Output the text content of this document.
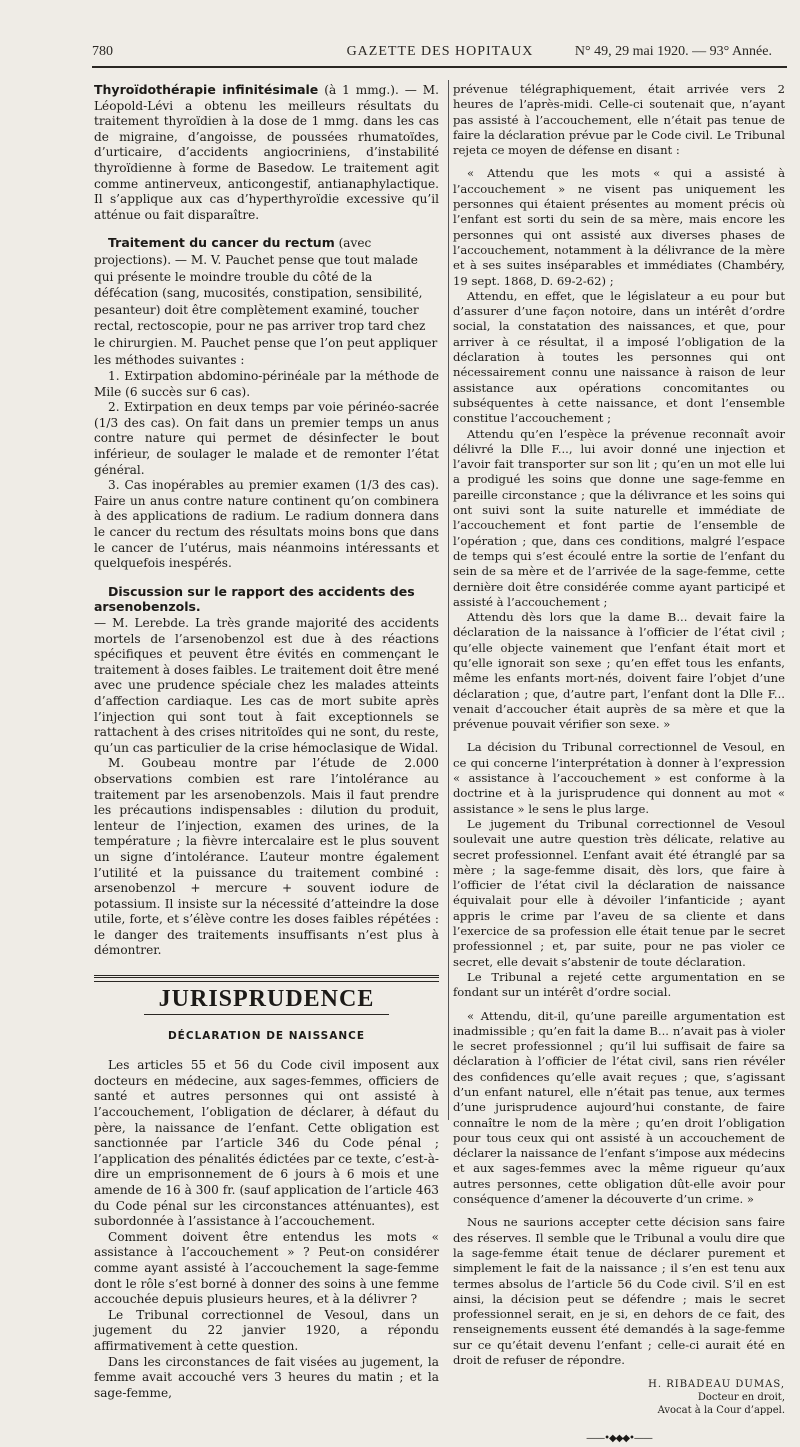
780	GAZETTE DES HOPITAUX	N° 49, 29 mai 1920. — 93° Année.
Thyroïdothérapie infinitésimale (à 1 mmg.). — M. Léopold-Lévi a obtenu les meilleurs résultats du traitement thyroïdien à la dose de 1 mmg. dans les cas de migraine, d’angoisse, de poussées rhumatoïdes, d’urticaire, d’accidents angiocriniens, d’instabilité thyroïdienne à forme de Basedow. Le traitement agit comme antinerveux, anticongestif, antianaphylactique. Il s’applique aux cas d’hyperthyroïdie excessive qu’il atténue ou fait disparaître.
Traitement du cancer du rectum (avec projections). — M. V. Pauchet pense que tout malade qui présente le moindre trouble du côté de la défécation (sang, mucosités, constipation, sensibilité, pesanteur) doit être complètement examiné, toucher rectal, rectoscopie, pour ne pas arriver trop tard chez le chirurgien. M. Pauchet pense que l’on peut appliquer les méthodes suivantes :

1. Extirpation abdomino-périnéale par la méthode de Mile (6 succès sur 6 cas).

2. Extirpation en deux temps par voie périnéo-sacrée (1/3 des cas). On fait dans un premier temps un anus contre nature qui permet de désinfecter le bout inférieur, de soulager le malade et de remonter l’état général.

3. Cas inopérables au premier examen (1/3 des cas). Faire un anus contre nature continent qu’on combinera à des applications de radium. Le radium donnera dans le cancer du rectum des résultats moins bons que dans le cancer de l’utérus, mais néanmoins intéressants et quelquefois inespérés.

Discussion sur le rapport des accidents des arsenobenzols.

— M. Lerebde. La très grande majorité des accidents mortels de l’arsenobenzol est due à des réactions spécifiques et peuvent être évités en commençant le traitement à doses faibles. Le traitement doit être mené avec une prudence spéciale chez les malades atteints d’affection cardiaque. Les cas de mort subite après l’injection qui sont tout à fait exceptionnels se rattachent à des crises nitritoïdes qui ne sont, du reste, qu’un cas particulier de la crise hémoclasique de Widal.

M. Goubeau montre par l’étude de 2.000 observations combien est rare l’intolérance au traitement par les arsenobenzols. Mais il faut prendre les précautions indispensables : dilution du produit, lenteur de l’injection, examen des urines, de la température ; la fièvre intercalaire est le plus souvent un signe d’intolérance. L’auteur montre également l’utilité et la puissance du traitement combiné : arsenobenzol + mercure + souvent iodure de potassium. Il insiste sur la nécessité d’atteindre la dose utile, forte, et s’élève contre les doses faibles répétées : le danger des traitements insuffisants n’est plus à démontrer.

JURISPRUDENCE
DÉCLARATION DE NAISSANCE

Les articles 55 et 56 du Code civil imposent aux docteurs en médecine, aux sages-femmes, officiers de santé et autres personnes qui ont assisté à l’accouchement, l’obligation de déclarer, à défaut du père, la naissance de l’enfant. Cette obligation est sanctionnée par l’article 346 du Code pénal ; l’application des pénalités édictées par ce texte, c’est-à-dire un emprisonnement de 6 jours à 6 mois et une amende de 16 à 300 fr. (sauf application de l’article 463 du Code pénal sur les circonstances atténuantes), est subordonnée à l’assistance à l’accouchement.

Comment doivent être entendus les mots « assistance à l’accouchement » ? Peut-on considérer comme ayant assisté à l’accouchement la sage-femme dont le rôle s’est borné à donner des soins à une femme accouchée depuis plusieurs heures, et à la délivrer ?

Le Tribunal correctionnel de Vesoul, dans un jugement du 22 janvier 1920, a répondu affirmativement à cette question.

Dans les circonstances de fait visées au jugement, la femme avait accouché vers 3 heures du matin ; et la sage-femme,

prévenue télégraphiquement, était arrivée vers 2 heures de l’après-midi. Celle-ci soutenait que, n’ayant pas assisté à l’accouchement, elle n’était pas tenue de faire la déclaration prévue par le Code civil. Le Tribunal rejeta ce moyen de défense en disant :

« Attendu que les mots « qui a assisté à l’accouchement » ne visent pas uniquement les personnes qui étaient présentes au moment précis où l’enfant est sorti du sein de sa mère, mais encore les personnes qui ont assisté aux diverses phases de l’accouchement, notamment à la délivrance de la mère et à ses suites inséparables et immédiates (Chambéry, 19 sept. 1868, D. 69-2-62) ;

Attendu, en effet, que le législateur a eu pour but d’assurer d’une façon notoire, dans un intérêt d’ordre social, la constatation des naissances, et que, pour arriver à ce résultat, il a imposé l’obligation de la déclaration à toutes les personnes qui ont nécessairement connu une naissance à raison de leur assistance aux opérations concomitantes ou subséquentes à cette naissance, et dont l’ensemble constitue l’accouchement ;

Attendu qu’en l’espèce la prévenue reconnaît avoir délivré la Dlle F..., lui avoir donné une injection et l’avoir fait transporter sur son lit ; qu’en un mot elle lui a prodigué les soins que donne une sage-femme en pareille circonstance ; que la délivrance et les soins qui ont suivi sont la suite naturelle et immédiate de l’accouchement et font partie de l’ensemble de l’opération ; que, dans ces conditions, malgré l’espace de temps qui s’est écoulé entre la sortie de l’enfant du sein de sa mère et de l’arrivée de la sage-femme, cette dernière doit être considérée comme ayant participé et assisté à l’accouchement ;

Attendu dès lors que la dame B... devait faire la déclaration de la naissance à l’officier de l’état civil ; qu’elle objecte vainement que l’enfant était mort et qu’elle ignorait son sexe ; qu’en effet tous les enfants, même les enfants mort-nés, doivent faire l’objet d’une déclaration ; que, d’autre part, l’enfant dont la Dlle F... venait d’accoucher était auprès de sa mère et que la prévenue pouvait vérifier son sexe. »

La décision du Tribunal correctionnel de Vesoul, en ce qui concerne l’interprétation à donner à l’expression « assistance à l’accouchement » est conforme à la doctrine et à la jurisprudence qui donnent au mot « assistance » le sens le plus large.

Le jugement du Tribunal correctionnel de Vesoul soulevait une autre question très délicate, relative au secret professionnel. L’enfant avait été étranglé par sa mère ; la sage-femme disait, dès lors, que faire à l’officier de l’état civil la déclaration de naissance équivalait pour elle à dévoiler l’infanticide ; ayant appris le crime par l’aveu de sa cliente et dans l’exercice de sa profession elle était tenue par le secret professionnel ; et, par suite, pour ne pas violer ce secret, elle devait s’abstenir de toute déclaration.

Le Tribunal a rejeté cette argumentation en se fondant sur un intérêt d’ordre social.

« Attendu, dit-il, qu’une pareille argumentation est inadmissible ; qu’en fait la dame B... n’avait pas à violer le secret professionnel ; qu’il lui suffisait de faire sa déclaration à l’officier de l’état civil, sans rien révéler des confidences qu’elle avait reçues ; que, s’agissant d’un enfant naturel, elle n’était pas tenue, aux termes d’une jurisprudence aujourd’hui constante, de faire connaître le nom de la mère ; qu’en droit l’obligation pour tous ceux qui ont assisté à un accouchement de déclarer la naissance de l’enfant s’impose aux médecins et aux sages-femmes avec la même rigueur qu’aux autres personnes, cette obligation dût-elle avoir pour conséquence d’amener la découverte d’un crime. »

Nous ne saurions accepter cette décision sans faire des réserves. Il semble que le Tribunal a voulu dire que la sage-femme était tenue de déclarer purement et simplement le fait de la naissance ; il s’en est tenu aux termes absolus de l’article 56 du Code civil. S’il en est ainsi, la décision peut se défendre ; mais le secret professionnel serait, en je si, en dehors de ce fait, des renseignements eussent été demandés à la sage-femme sur ce qu’était devenu l’enfant ; celle-ci aurait été en droit de refuser de répondre.

H. RIBADEAU DUMAS,
Docteur en droit,
Avocat à la Cour d’appel.
——•◆◆◆•——
